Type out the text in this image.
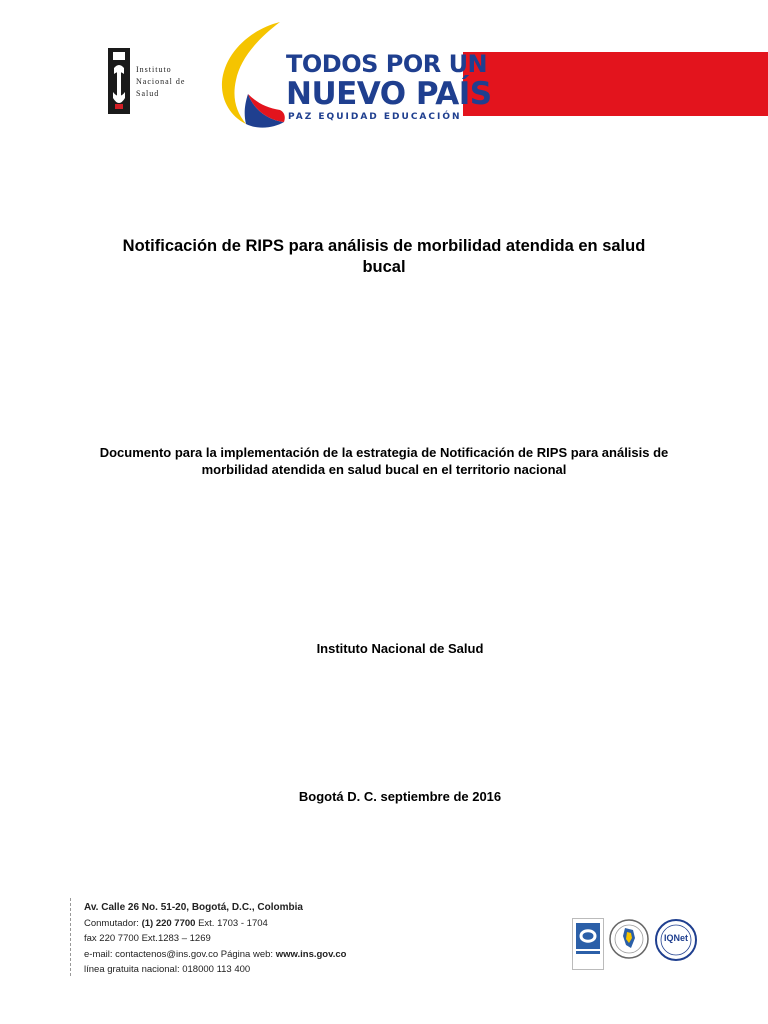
Instituto
Nacional de
Salud
TODOS POR UN
NUEVO PAÍS
PAZ EQUIDAD EDUCACIÓN
Notificación de RIPS para análisis de morbilidad atendida en salud bucal
Documento para la implementación de la estrategia de Notificación de RIPS para análisis de morbilidad atendida en salud bucal en el territorio nacional
Instituto Nacional de Salud
Bogotá D. C. septiembre de 2016
Av. Calle 26 No. 51-20, Bogotá, D.C., Colombia
Conmutador: (1) 220 7700 Ext. 1703 - 1704
fax 220 7700 Ext.1283 – 1269
e-mail: contactenos@ins.gov.co Página web: www.ins.gov.co
línea gratuita nacional: 018000 113 400
IQNet
